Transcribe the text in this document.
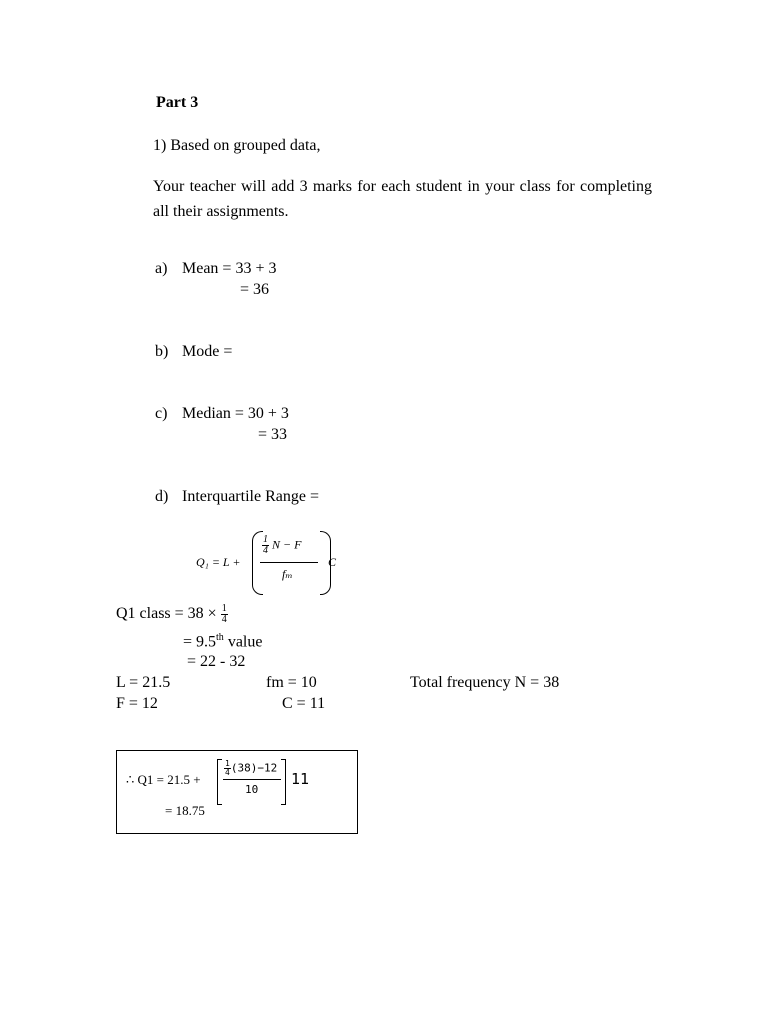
Part 3
1) Based on grouped data,
Your teacher will add 3 marks for each student in your class for completing all their assignments.
a) Mean = 33 + 3
= 36
b) Mode =
c) Median = 30 + 3
= 33
d) Interquartile Range =
Q₁ = L +
$\frac{1}{4}$ N − F
fₘ
C
Q1 class = $38 \times \frac{1}{4}$
= 9.5th value
= 22 - 32
L = 21.5	fm = 10	Total frequency N = 38
F = 12	C = 11
∴ Q1 = 21.5 +
$\frac{1}{4} (38)-12$
10
11
= 18.75
